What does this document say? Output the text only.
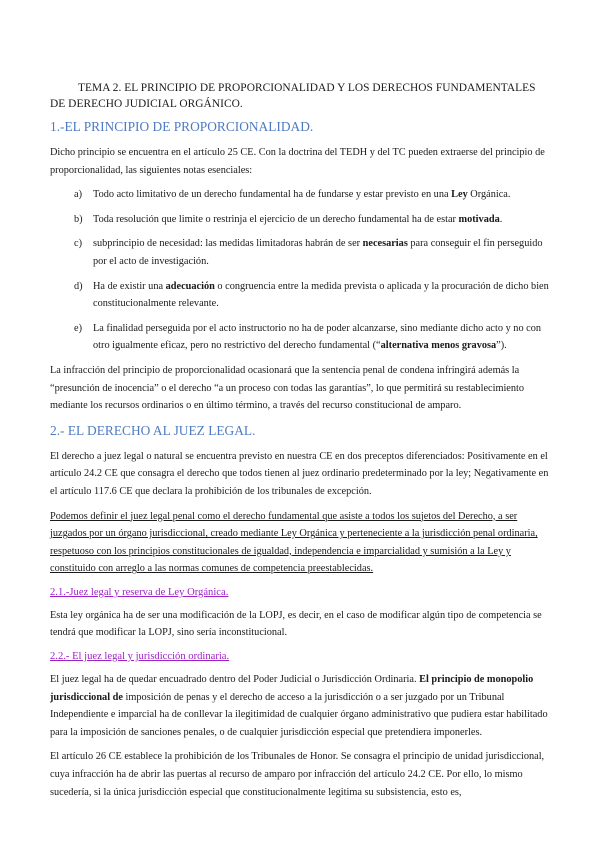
TEMA 2. EL PRINCIPIO DE PROPORCIONALIDAD Y LOS DERECHOS FUNDAMENTALES DE DERECHO JUDICIAL ORGÁNICO.

1.-EL PRINCIPIO DE PROPORCIONALIDAD.

Dicho principio se encuentra en el artículo 25 CE. Con la doctrina del TEDH y del TC pueden extraerse del principio de proporcionalidad, las siguientes notas esenciales:

a) Todo acto limitativo de un derecho fundamental ha de fundarse y estar previsto en una Ley Orgánica.
b) Toda resolución que limite o restrinja el ejercicio de un derecho fundamental ha de estar motivada.
c) subprincipio de necesidad: las medidas limitadoras habrán de ser necesarias para conseguir el fin perseguido por el acto de investigación.
d) Ha de existir una adecuación o congruencia entre la medida prevista o aplicada y la procuración de dicho bien constitucionalmente relevante.
e) La finalidad perseguida por el acto instructorio no ha de poder alcanzarse, sino mediante dicho acto y no con otro igualmente eficaz, pero no restrictivo del derecho fundamental (“alternativa menos gravosa”).

La infracción del principio de proporcionalidad ocasionará que la sentencia penal de condena infringirá además la “presunción de inocencia” o el derecho “a un proceso con todas las garantías”, lo que permitirá su restablecimiento mediante los recursos ordinarios o en último término, a través del recurso constitucional de amparo.

2.- EL DERECHO AL JUEZ LEGAL.

El derecho a juez legal o natural se encuentra previsto en nuestra CE en dos preceptos diferenciados: Positivamente en el artículo 24.2 CE que consagra el derecho que todos tienen al juez ordinario predeterminado por la ley; Negativamente en el artículo 117.6 CE que declara la prohibición de los tribunales de excepción.

Podemos definir el juez legal penal como el derecho fundamental que asiste a todos los sujetos del Derecho, a ser juzgados por un órgano jurisdiccional, creado mediante Ley Orgánica y perteneciente a la jurisdicción penal ordinaria, respetuoso con los principios constitucionales de igualdad, independencia e imparcialidad y sumisión a la Ley y constituido con arreglo a las normas comunes de competencia preestablecidas.

2.1.-Juez legal y reserva de Ley Orgánica.

Esta ley orgánica ha de ser una modificación de la LOPJ, es decir, en el caso de modificar algún tipo de competencia se tendrá que modificar la LOPJ, sino sería inconstitucional.

2.2.- El juez legal y jurisdicción ordinaria.

El juez legal ha de quedar encuadrado dentro del Poder Judicial o Jurisdicción Ordinaria. El principio de monopolio jurisdiccional de imposición de penas y el derecho de acceso a la jurisdicción o a ser juzgado por un Tribunal Independiente e imparcial ha de conllevar la ilegitimidad de cualquier órgano administrativo que pudiera estar habilitado para la imposición de sanciones penales, o de cualquier jurisdicción especial que pretendiera imponerles.

El artículo 26 CE establece la prohibición de los Tribunales de Honor. Se consagra el principio de unidad jurisdiccional, cuya infracción ha de abrir las puertas al recurso de amparo por infracción del artículo 24.2 CE. Por ello, lo mismo sucedería, si la única jurisdicción especial que constitucionalmente legitima su subsistencia, esto es,
